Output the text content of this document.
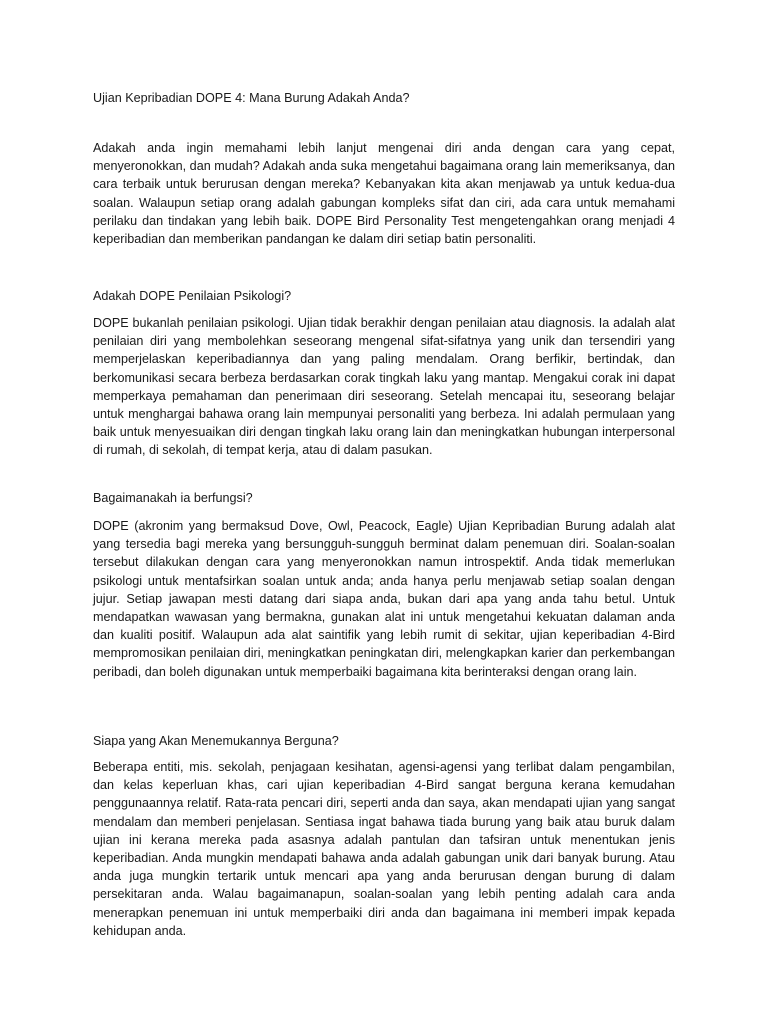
Ujian Kepribadian DOPE 4: Mana Burung Adakah Anda?

Adakah anda ingin memahami lebih lanjut mengenai diri anda dengan cara yang cepat, menyeronokkan, dan mudah? Adakah anda suka mengetahui bagaimana orang lain memeriksanya, dan cara terbaik untuk berurusan dengan mereka? Kebanyakan kita akan menjawab ya untuk kedua-dua soalan. Walaupun setiap orang adalah gabungan kompleks sifat dan ciri, ada cara untuk memahami perilaku dan tindakan yang lebih baik. DOPE Bird Personality Test mengetengahkan orang menjadi 4 keperibadian dan memberikan pandangan ke dalam diri setiap batin personaliti.

Adakah DOPE Penilaian Psikologi?

DOPE bukanlah penilaian psikologi. Ujian tidak berakhir dengan penilaian atau diagnosis. Ia adalah alat penilaian diri yang membolehkan seseorang mengenal sifat-sifatnya yang unik dan tersendiri yang memperjelaskan keperibadiannya dan yang paling mendalam. Orang berfikir, bertindak, dan berkomunikasi secara berbeza berdasarkan corak tingkah laku yang mantap. Mengakui corak ini dapat memperkaya pemahaman dan penerimaan diri seseorang. Setelah mencapai itu, seseorang belajar untuk menghargai bahawa orang lain mempunyai personaliti yang berbeza. Ini adalah permulaan yang baik untuk menyesuaikan diri dengan tingkah laku orang lain dan meningkatkan hubungan interpersonal di rumah, di sekolah, di tempat kerja, atau di dalam pasukan.

Bagaimanakah ia berfungsi?

DOPE (akronim yang bermaksud Dove, Owl, Peacock, Eagle) Ujian Kepribadian Burung adalah alat yang tersedia bagi mereka yang bersungguh-sungguh berminat dalam penemuan diri. Soalan-soalan tersebut dilakukan dengan cara yang menyeronokkan namun introspektif. Anda tidak memerlukan psikologi untuk mentafsirkan soalan untuk anda; anda hanya perlu menjawab setiap soalan dengan jujur. Setiap jawapan mesti datang dari siapa anda, bukan dari apa yang anda tahu betul. Untuk mendapatkan wawasan yang bermakna, gunakan alat ini untuk mengetahui kekuatan dalaman anda dan kualiti positif. Walaupun ada alat saintifik yang lebih rumit di sekitar, ujian keperibadian 4-Bird mempromosikan penilaian diri, meningkatkan peningkatan diri, melengkapkan karier dan perkembangan peribadi, dan boleh digunakan untuk memperbaiki bagaimana kita berinteraksi dengan orang lain.

Siapa yang Akan Menemukannya Berguna?

Beberapa entiti, mis. sekolah, penjagaan kesihatan, agensi-agensi yang terlibat dalam pengambilan, dan kelas keperluan khas, cari ujian keperibadian 4-Bird sangat berguna kerana kemudahan penggunaannya relatif. Rata-rata pencari diri, seperti anda dan saya, akan mendapati ujian yang sangat mendalam dan memberi penjelasan. Sentiasa ingat bahawa tiada burung yang baik atau buruk dalam ujian ini kerana mereka pada asasnya adalah pantulan dan tafsiran untuk menentukan jenis keperibadian. Anda mungkin mendapati bahawa anda adalah gabungan unik dari banyak burung. Atau anda juga mungkin tertarik untuk mencari apa yang anda berurusan dengan burung di dalam persekitaran anda. Walau bagaimanapun, soalan-soalan yang lebih penting adalah cara anda menerapkan penemuan ini untuk memperbaiki diri anda dan bagaimana ini memberi impak kepada kehidupan anda.
